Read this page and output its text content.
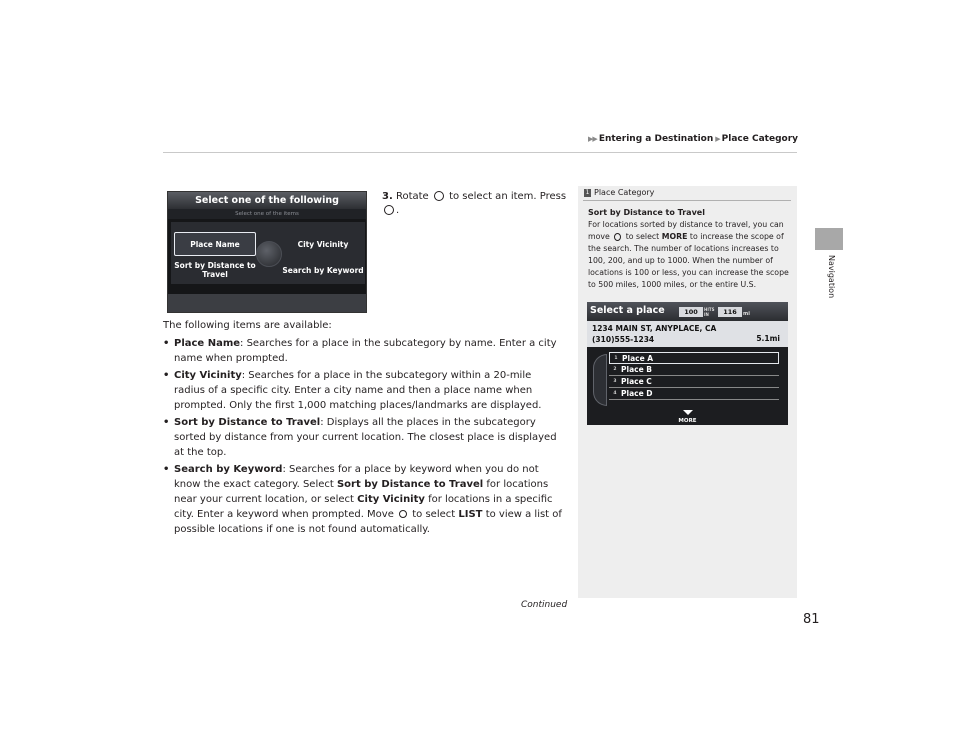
▶▶ Entering a Destination ▶ Place Category
Navigation
Select one of the following
Select one of the items
Place Name	City Vicinity
Sort by Distance to Travel	Search by Keyword
3. Rotate to select an item. Press .
The following items are available:
• Place Name: Searches for a place in the subcategory by name. Enter a city name when prompted.
• City Vicinity: Searches for a place in the subcategory within a 20-mile radius of a specific city. Enter a city name and then a place name when prompted. Only the first 1,000 matching places/landmarks are displayed.
• Sort by Distance to Travel: Displays all the places in the subcategory sorted by distance from your current location. The closest place is displayed at the top.
• Search by Keyword: Searches for a place by keyword when you do not know the exact category. Select Sort by Distance to Travel for locations near your current location, or select City Vicinity for locations in a specific city. Enter a keyword when prompted. Move to select LIST to view a list of possible locations if one is not found automatically.
1 Place Category
Sort by Distance to Travel
For locations sorted by distance to travel, you can move to select MORE to increase the scope of the search. The number of locations increases to 100, 200, and up to 1000. When the number of locations is 100 or less, you can increase the scope to 500 miles, 1000 miles, or the entire U.S.
Select a place	100	HITS IN	116	mi
1234 MAIN ST, ANYPLACE, CA
(310)555-1234	5.1mi
1 Place A
2 Place B
3 Place C
4 Place D
MORE
Continued
81
